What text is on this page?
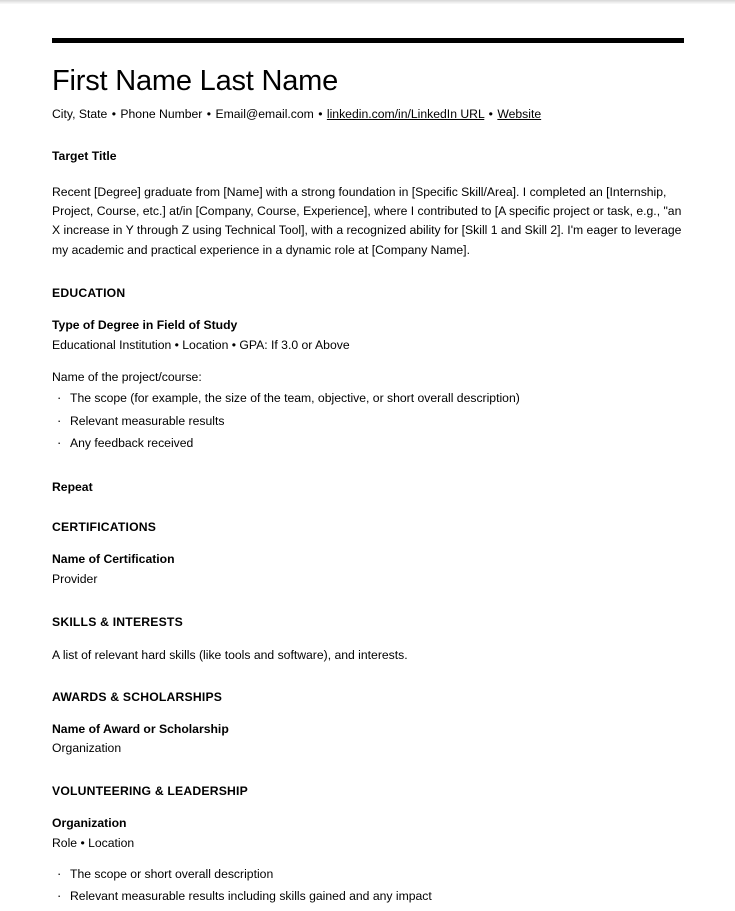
First Name Last Name

City, State • Phone Number • Email@email.com • linkedin.com/in/LinkedIn URL • Website

Target Title

Recent [Degree] graduate from [Name] with a strong foundation in [Specific Skill/Area]. I completed an [Internship, Project, Course, etc.] at/in [Company, Course, Experience], where I contributed to [A specific project or task, e.g., "an X increase in Y through Z using Technical Tool], with a recognized ability for [Skill 1 and Skill 2]. I'm eager to leverage my academic and practical experience in a dynamic role at [Company Name].

EDUCATION

Type of Degree in Field of Study

Educational Institution • Location • GPA: If 3.0 or Above

Name of the project/course:

· The scope (for example, the size of the team, objective, or short overall description)
· Relevant measurable results
· Any feedback received

Repeat

CERTIFICATIONS

Name of Certification

Provider

SKILLS & INTERESTS

A list of relevant hard skills (like tools and software), and interests.

AWARDS & SCHOLARSHIPS

Name of Award or Scholarship

Organization

VOLUNTEERING & LEADERSHIP

Organization

Role • Location

· The scope or short overall description
· Relevant measurable results including skills gained and any impact
